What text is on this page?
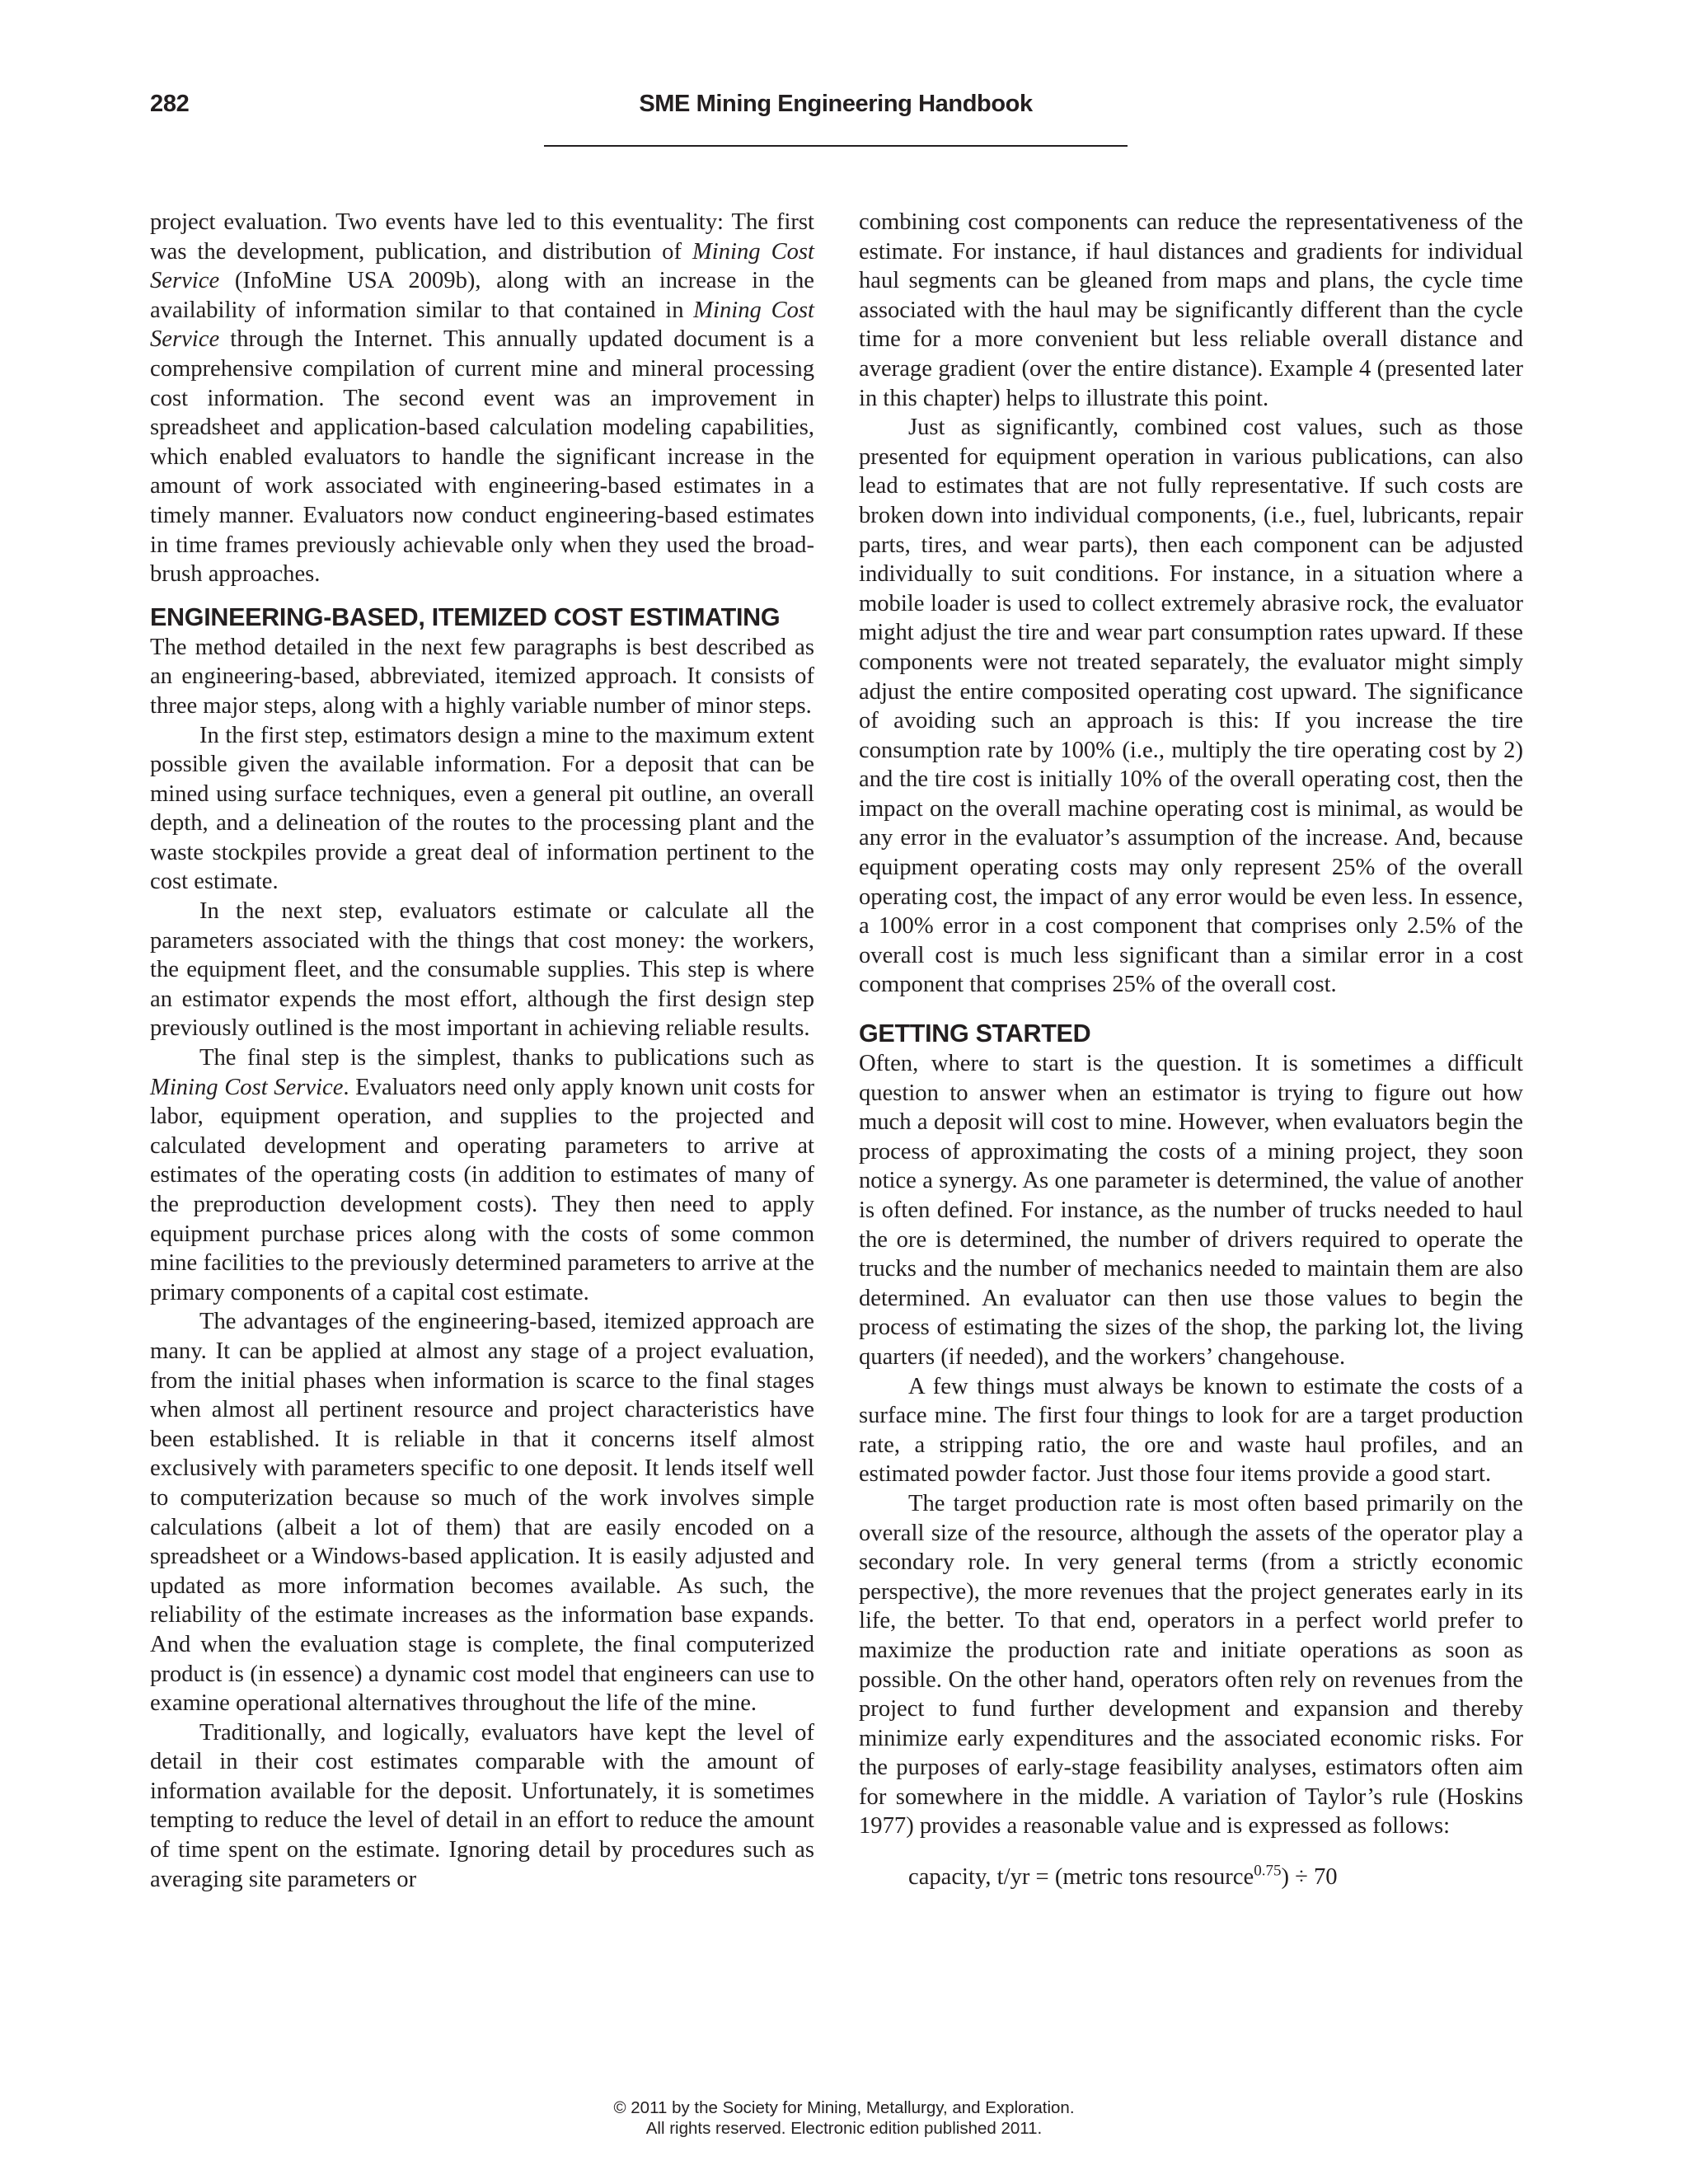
282	SME Mining Engineering Handbook

project evaluation. Two events have led to this eventuality: The first was the development, publication, and distribution of Mining Cost Service (InfoMine USA 2009b), along with an increase in the availability of information similar to that contained in Mining Cost Service through the Internet. This annually updated document is a comprehensive compilation of current mine and mineral processing cost information. The second event was an improvement in spreadsheet and application-based calculation modeling capabilities, which enabled evaluators to handle the significant increase in the amount of work associated with engineering-based estimates in a timely manner. Evaluators now conduct engineering-based estimates in time frames previously achievable only when they used the broad-brush approaches.

ENGINEERING-BASED, ITEMIZED COST ESTIMATING

The method detailed in the next few paragraphs is best described as an engineering-based, abbreviated, itemized approach. It consists of three major steps, along with a highly variable number of minor steps.

In the first step, estimators design a mine to the maximum extent possible given the available information. For a deposit that can be mined using surface techniques, even a general pit outline, an overall depth, and a delineation of the routes to the processing plant and the waste stockpiles provide a great deal of information pertinent to the cost estimate.

In the next step, evaluators estimate or calculate all the parameters associated with the things that cost money: the workers, the equipment fleet, and the consumable supplies. This step is where an estimator expends the most effort, although the first design step previously outlined is the most important in achieving reliable results.

The final step is the simplest, thanks to publications such as Mining Cost Service. Evaluators need only apply known unit costs for labor, equipment operation, and supplies to the projected and calculated development and operating parameters to arrive at estimates of the operating costs (in addition to estimates of many of the preproduction development costs). They then need to apply equipment purchase prices along with the costs of some common mine facilities to the previously determined parameters to arrive at the primary components of a capital cost estimate.

The advantages of the engineering-based, itemized approach are many. It can be applied at almost any stage of a project evaluation, from the initial phases when information is scarce to the final stages when almost all pertinent resource and project characteristics have been established. It is reliable in that it concerns itself almost exclusively with parameters specific to one deposit. It lends itself well to computerization because so much of the work involves simple calculations (albeit a lot of them) that are easily encoded on a spreadsheet or a Windows-based application. It is easily adjusted and updated as more information becomes available. As such, the reliability of the estimate increases as the information base expands. And when the evaluation stage is complete, the final computerized product is (in essence) a dynamic cost model that engineers can use to examine operational alternatives throughout the life of the mine.

Traditionally, and logically, evaluators have kept the level of detail in their cost estimates comparable with the amount of information available for the deposit. Unfortunately, it is sometimes tempting to reduce the level of detail in an effort to reduce the amount of time spent on the estimate. Ignoring detail by procedures such as averaging site parameters or

combining cost components can reduce the representativeness of the estimate. For instance, if haul distances and gradients for individual haul segments can be gleaned from maps and plans, the cycle time associated with the haul may be significantly different than the cycle time for a more convenient but less reliable overall distance and average gradient (over the entire distance). Example 4 (presented later in this chapter) helps to illustrate this point.

Just as significantly, combined cost values, such as those presented for equipment operation in various publications, can also lead to estimates that are not fully representative. If such costs are broken down into individual components, (i.e., fuel, lubricants, repair parts, tires, and wear parts), then each component can be adjusted individually to suit conditions. For instance, in a situation where a mobile loader is used to collect extremely abrasive rock, the evaluator might adjust the tire and wear part consumption rates upward. If these components were not treated separately, the evaluator might simply adjust the entire composited operating cost upward. The significance of avoiding such an approach is this: If you increase the tire consumption rate by 100% (i.e., multiply the tire operating cost by 2) and the tire cost is initially 10% of the overall operating cost, then the impact on the overall machine operating cost is minimal, as would be any error in the evaluator’s assumption of the increase. And, because equipment operating costs may only represent 25% of the overall operating cost, the impact of any error would be even less. In essence, a 100% error in a cost component that comprises only 2.5% of the overall cost is much less significant than a similar error in a cost component that comprises 25% of the overall cost.

GETTING STARTED

Often, where to start is the question. It is sometimes a difficult question to answer when an estimator is trying to figure out how much a deposit will cost to mine. However, when evaluators begin the process of approximating the costs of a mining project, they soon notice a synergy. As one parameter is determined, the value of another is often defined. For instance, as the number of trucks needed to haul the ore is determined, the number of drivers required to operate the trucks and the number of mechanics needed to maintain them are also determined. An evaluator can then use those values to begin the process of estimating the sizes of the shop, the parking lot, the living quarters (if needed), and the workers’ changehouse.

A few things must always be known to estimate the costs of a surface mine. The first four things to look for are a target production rate, a stripping ratio, the ore and waste haul profiles, and an estimated powder factor. Just those four items provide a good start.

The target production rate is most often based primarily on the overall size of the resource, although the assets of the operator play a secondary role. In very general terms (from a strictly economic perspective), the more revenues that the project generates early in its life, the better. To that end, operators in a perfect world prefer to maximize the production rate and initiate operations as soon as possible. On the other hand, operators often rely on revenues from the project to fund further development and expansion and thereby minimize early expenditures and the associated economic risks. For the purposes of early-stage feasibility analyses, estimators often aim for somewhere in the middle. A variation of Taylor’s rule (Hoskins 1977) provides a reasonable value and is expressed as follows:

capacity, t/yr = (metric tons resource$^{0.75}$) ÷ 70
© 2011 by the Society for Mining, Metallurgy, and Exploration.
All rights reserved. Electronic edition published 2011.
